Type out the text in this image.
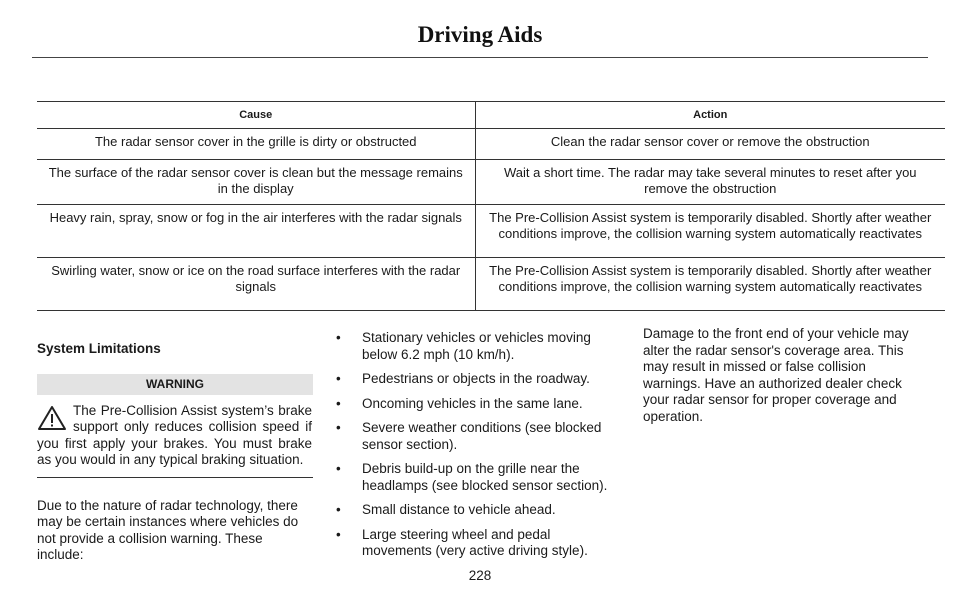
Driving Aids
Cause	Action
The radar sensor cover in the grille is dirty or obstructed	Clean the radar sensor cover or remove the obstruction
The surface of the radar sensor cover is clean but the message remains in the display	Wait a short time. The radar may take several minutes to reset after you remove the obstruction
Heavy rain, spray, snow or fog in the air interferes with the radar signals	The Pre-Collision Assist system is temporarily disabled. Shortly after weather conditions improve, the collision warning system automatically reactivates
Swirling water, snow or ice on the road surface interferes with the radar signals	The Pre-Collision Assist system is temporarily disabled. Shortly after weather conditions improve, the collision warning system automatically reactivates
System Limitations
WARNING
The Pre-Collision Assist system’s brake support only reduces collision speed if you first apply your brakes. You must brake as you would in any typical braking situation.
Due to the nature of radar technology, there may be certain instances where vehicles do not provide a collision warning. These include:
• Stationary vehicles or vehicles moving below 6.2 mph (10 km/h).
• Pedestrians or objects in the roadway.
• Oncoming vehicles in the same lane.
• Severe weather conditions (see blocked sensor section).
• Debris build-up on the grille near the headlamps (see blocked sensor section).
• Small distance to vehicle ahead.
• Large steering wheel and pedal movements (very active driving style).
Damage to the front end of your vehicle may alter the radar sensor's coverage area. This may result in missed or false collision warnings. Have an authorized dealer check your radar sensor for proper coverage and operation.
228
